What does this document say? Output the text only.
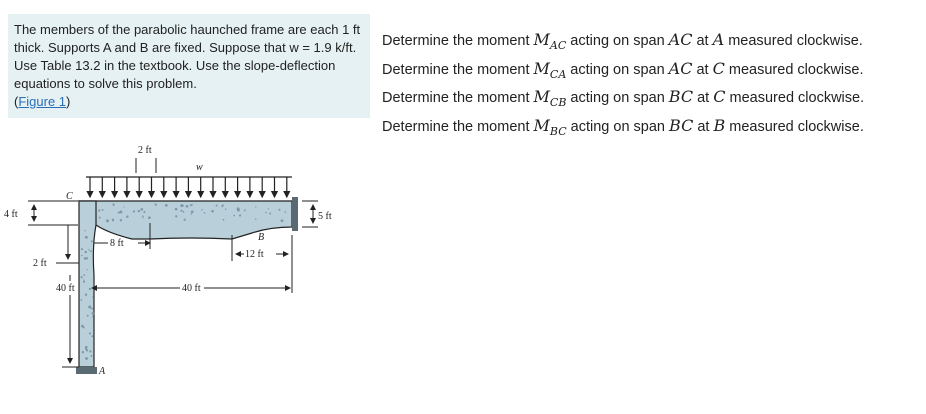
The members of the parabolic haunched frame are each 1 ft thick. Supports A and B are fixed. Suppose that w = 1.9 k/ft. Use Table 13.2 in the textbook. Use the slope-deflection equations to solve this problem.

(Figure 1)
Determine the moment $M_{AC}$ acting on span AC at A measured clockwise.
Determine the moment $M_{CA}$ acting on span AC at C measured clockwise.
Determine the moment $M_{CB}$ acting on span BC at C measured clockwise.
Determine the moment $M_{BC}$ acting on span BC at B measured clockwise.
4 ft
C
2 ft
w
5 ft
8 ft
B
12 ft
2 ft
40 ft	40 ft
A
